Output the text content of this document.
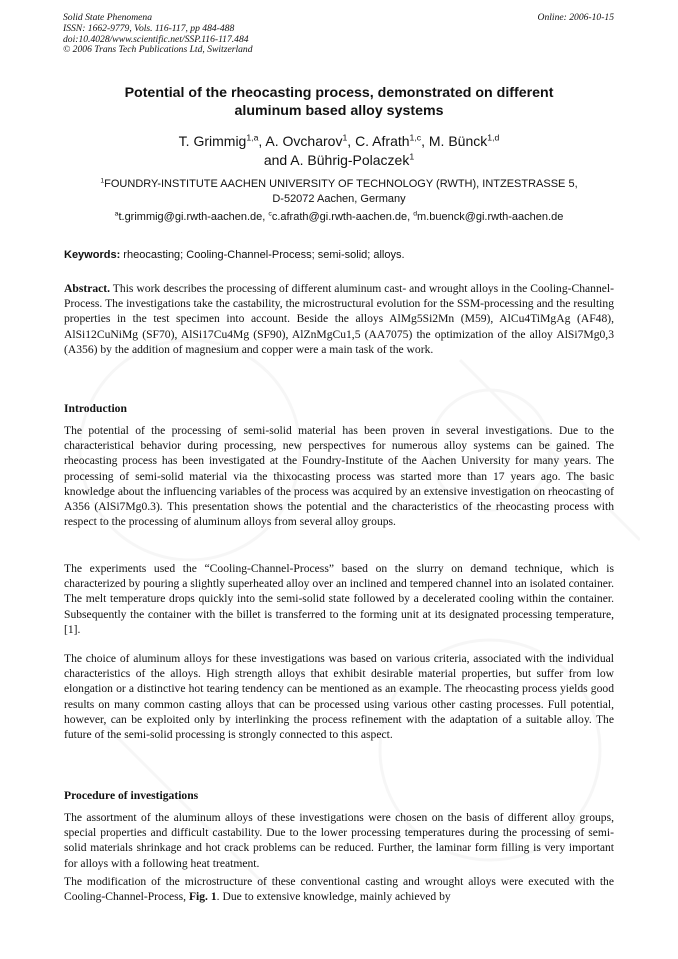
Solid State Phenomena
ISSN: 1662-9779, Vols. 116-117, pp 484-488
doi:10.4028/www.scientific.net/SSP.116-117.484
© 2006 Trans Tech Publications Ltd, Switzerland
Online: 2006-10-15
Potential of the rheocasting process, demonstrated on different
aluminum based alloy systems
T. Grimmig$^{1,a}$, A. Ovcharov$^1$, C. Afrath$^{1,c}$, M. Bünck$^{1,d}$
and A. Bührig-Polaczek$^1$
$^1$FOUNDRY-INSTITUTE AACHEN UNIVERSITY OF TECHNOLOGY (RWTH), INTZESTRASSE 5,
D-52072 Aachen, Germany
$^a$t.grimmig@gi.rwth-aachen.de, $^c$c.afrath@gi.rwth-aachen.de, $^d$m.buenck@gi.rwth-aachen.de
Keywords: rheocasting; Cooling-Channel-Process; semi-solid; alloys.
Abstract. This work describes the processing of different aluminum cast- and wrought alloys in the Cooling-Channel-Process. The investigations take the castability, the microstructural evolution for the SSM-processing and the resulting properties in the test specimen into account. Beside the alloys AlMg5Si2Mn (M59), AlCu4TiMgAg (AF48), AlSi12CuNiMg (SF70), AlSi17Cu4Mg (SF90), AlZnMgCu1,5 (AA7075) the optimization of the alloy AlSi7Mg0,3 (A356) by the addition of magnesium and copper were a main task of the work.
Introduction
The potential of the processing of semi-solid material has been proven in several investigations. Due to the characteristical behavior during processing, new perspectives for numerous alloy systems can be gained. The rheocasting process has been investigated at the Foundry-Institute of the Aachen University for many years. The processing of semi-solid material via the thixocasting process was started more than 17 years ago. The basic knowledge about the influencing variables of the process was acquired by an extensive investigation on rheocasting of A356 (AlSi7Mg0.3). This presentation shows the potential and the characteristics of the rheocasting process with respect to the processing of aluminum alloys from several alloy groups.
The experiments used the “Cooling-Channel-Process” based on the slurry on demand technique, which is characterized by pouring a slightly superheated alloy over an inclined and tempered channel into an isolated container. The melt temperature drops quickly into the semi-solid state followed by a decelerated cooling within the container. Subsequently the container with the billet is transferred to the forming unit at its designated processing temperature, [1].
The choice of aluminum alloys for these investigations was based on various criteria, associated with the individual characteristics of the alloys. High strength alloys that exhibit desirable material properties, but suffer from low elongation or a distinctive hot tearing tendency can be mentioned as an example. The rheocasting process yields good results on many common casting alloys that can be processed using various other casting processes. Full potential, however, can be exploited only by interlinking the process refinement with the adaptation of a suitable alloy. The future of the semi-solid processing is strongly connected to this aspect.
Procedure of investigations
The assortment of the aluminum alloys of these investigations were chosen on the basis of different alloy groups, special properties and difficult castability. Due to the lower processing temperatures during the processing of semi-solid materials shrinkage and hot crack problems can be reduced. Further, the laminar form filling is very important for alloys with a following heat treatment.
The modification of the microstructure of these conventional casting and wrought alloys were executed with the Cooling-Channel-Process, Fig. 1. Due to extensive knowledge, mainly achieved by
